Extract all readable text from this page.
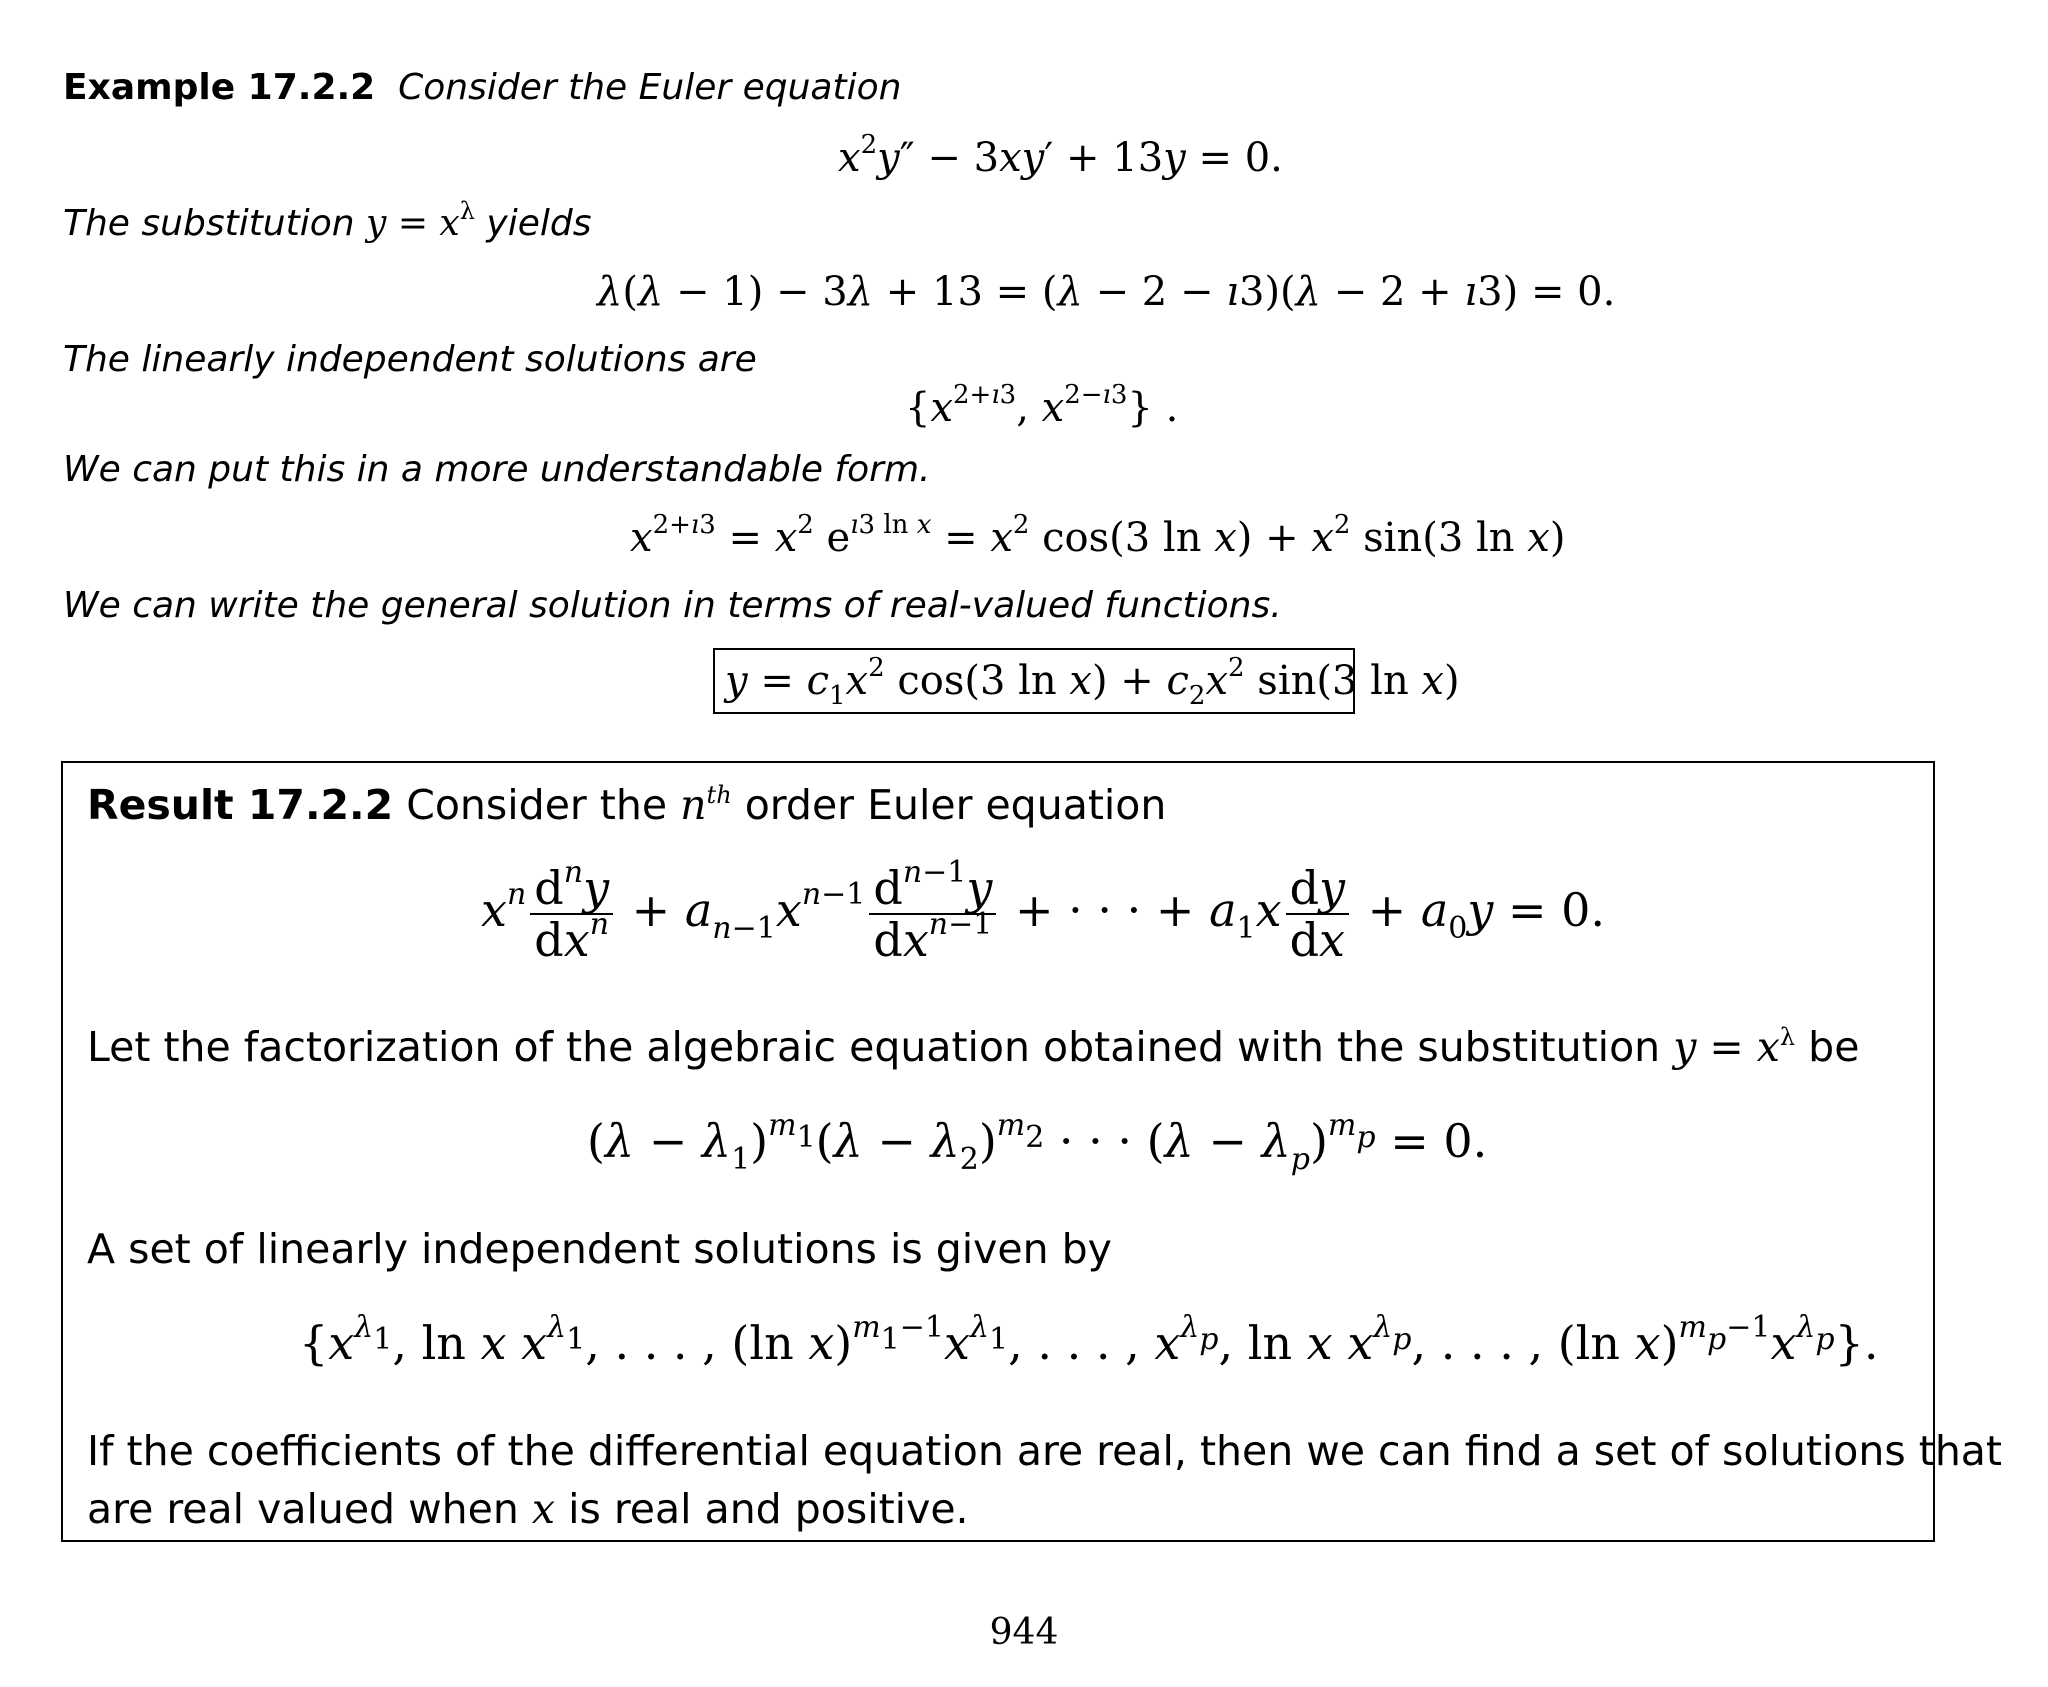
Example 17.2.2 Consider the Euler equation
$x^2y'' - 3xy' + 13y = 0$.
The substitution $y = x^\lambda$ yields
λ(λ − 1) − 3λ + 13 = (λ − 2 − ı3)(λ − 2 + ı3) = 0.
The linearly independent solutions are
{$x^{2+ı3}$, $x^{2-ı3}$} .
We can put this in a more understandable form.
$x^{2+ı3} = x^2$ $e^{ı3 ln x} = x^2$ cos(3 $\ln x) + x^2$ sin(3 ln x)
We can write the general solution in terms of real-valued functions.
$y = c_1x^2$ cos(3 $\ln x) + c_2x^2$ sin(3 ln x)
Result 17.2.2 Consider the $n^{th}$ order Euler equation
$x^n \frac{d^ny}{dx^n} + a_{n-1}x^{n-1} \frac{d^{n-1}y}{dx^{n-1}}$ + · · · + $a_1x \frac{dy}{dx} + a_0y = 0$.
Let the factorization of the algebraic equation obtained with the substitution $y = x^\lambda$ be
$(\lambda - \lambda_1)^{m_1}(\lambda - \lambda_2)^{m_2}$ · · · $(\lambda - \lambda_p)^{m_p} = 0$.
A set of linearly independent solutions is given by
{$x^{\lambda_1}$, ln x $x^{\lambda_1}$, . . . , (ln $x)^{m_1-1}x^{\lambda_1}$, . . . , $x^{\lambda_p}$, ln x $x^{\lambda_p}$, . . . , (ln $x)^{m_p-1}x^{\lambda_p}$}.
If the coefficients of the differential equation are real, then we can find a set of solutions that
are real valued when x is real and positive.
944
